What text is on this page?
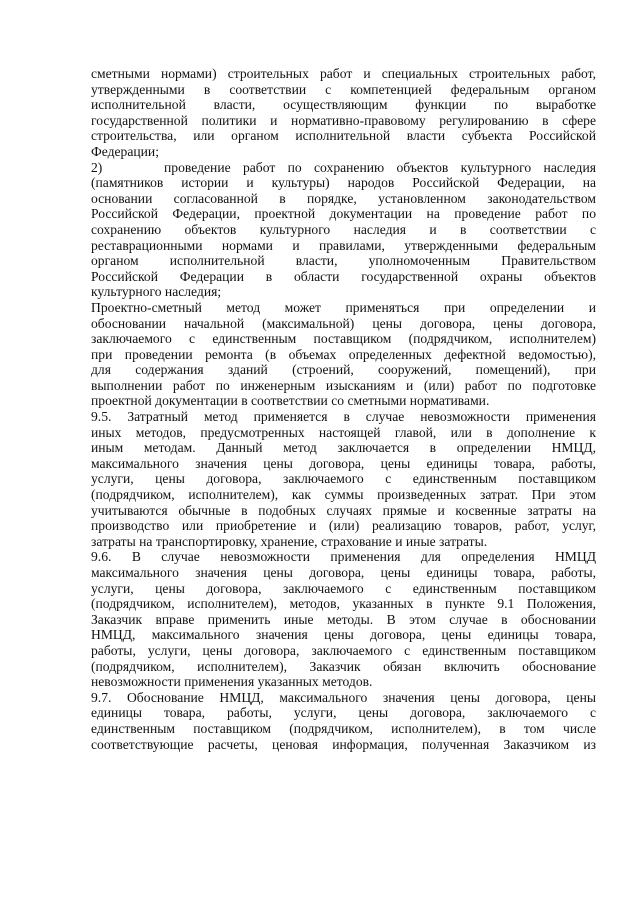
сметными нормами) строительных работ и специальных строительных работ,
утвержденными в соответствии с компетенцией федеральным органом
исполнительной власти, осуществляющим функции по выработке
государственной политики и нормативно-правовому регулированию в сфере
строительства, или органом исполнительной власти субъекта Российской
Федерации;
2)     проведение работ по сохранению объектов культурного наследия
(памятников истории и культуры) народов Российской Федерации, на
основании согласованной в порядке, установленном законодательством
Российской Федерации, проектной документации на проведение работ по
сохранению объектов культурного наследия и в соответствии с
реставрационными нормами и правилами, утвержденными федеральным
органом исполнительной власти, уполномоченным Правительством
Российской Федерации в области государственной охраны объектов
культурного наследия;
Проектно-сметный метод может применяться при определении и
обосновании начальной (максимальной) цены договора, цены договора,
заключаемого с единственным поставщиком (подрядчиком, исполнителем)
при проведении ремонта (в объемах определенных дефектной ведомостью),
для содержания зданий (строений, сооружений, помещений), при
выполнении работ по инженерным изысканиям и (или) работ по подготовке
проектной документации в соответствии со сметными нормативами.
9.5. Затратный метод применяется в случае невозможности применения
иных методов, предусмотренных настоящей главой, или в дополнение к
иным методам. Данный метод заключается в определении НМЦД,
максимального значения цены договора, цены единицы товара, работы,
услуги, цены договора, заключаемого с единственным поставщиком
(подрядчиком, исполнителем), как суммы произведенных затрат. При этом
учитываются обычные в подобных случаях прямые и косвенные затраты на
производство или приобретение и (или) реализацию товаров, работ, услуг,
затраты на транспортировку, хранение, страхование и иные затраты.
9.6. В случае невозможности применения для определения НМЦД
максимального значения цены договора, цены единицы товара, работы,
услуги, цены договора, заключаемого с единственным поставщиком
(подрядчиком, исполнителем), методов, указанных в пункте 9.1 Положения,
Заказчик вправе применить иные методы. В этом случае в обосновании
НМЦД, максимального значения цены договора, цены единицы товара,
работы, услуги, цены договора, заключаемого с единственным поставщиком
(подрядчиком, исполнителем), Заказчик обязан включить обоснование
невозможности применения указанных методов.
9.7. Обоснование НМЦД, максимального значения цены договора, цены
единицы товара, работы, услуги, цены договора, заключаемого с
единственным поставщиком (подрядчиком, исполнителем), в том числе
соответствующие расчеты, ценовая информация, полученная Заказчиком из
